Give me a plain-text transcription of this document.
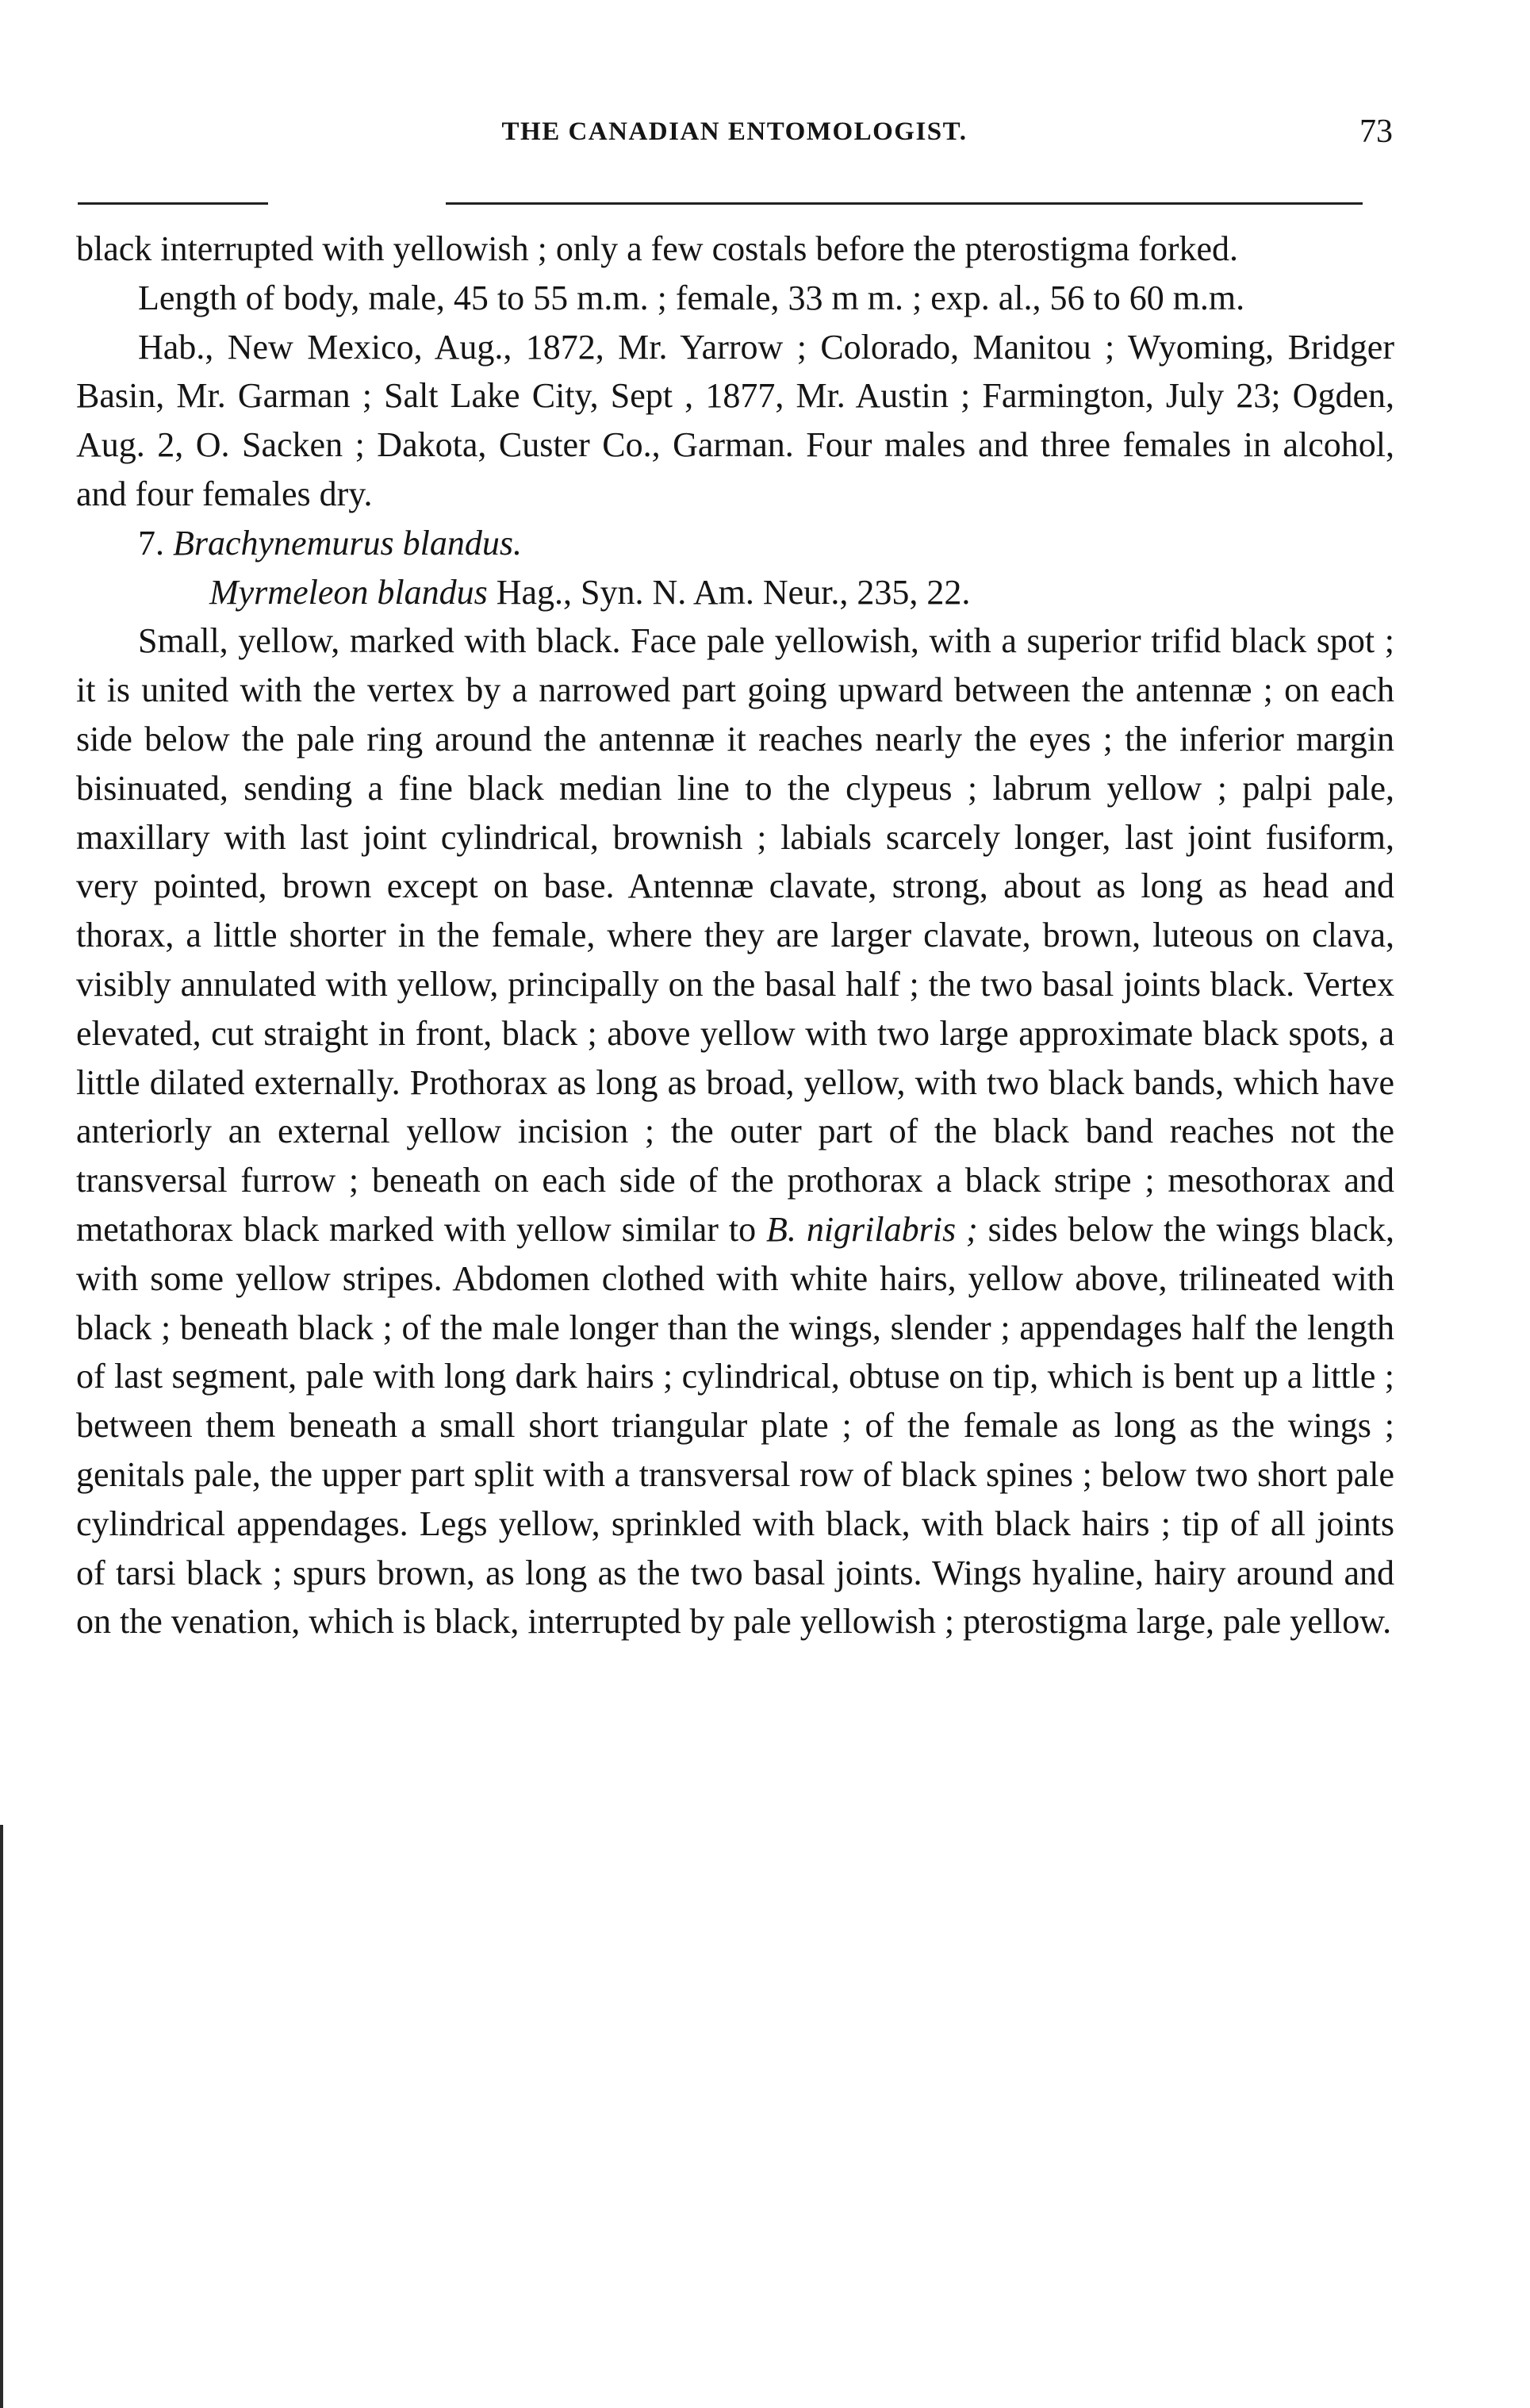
THE CANADIAN ENTOMOLOGIST.	73

black interrupted with yellowish ; only a few costals before the pterostigma forked.

Length of body, male, 45 to 55 m.m. ; female, 33 m m. ; exp. al., 56 to 60 m.m.

Hab., New Mexico, Aug., 1872, Mr. Yarrow ; Colorado, Manitou ; Wyoming, Bridger Basin, Mr. Garman ; Salt Lake City, Sept , 1877, Mr. Austin ; Farmington, July 23; Ogden, Aug. 2, O. Sacken ; Dakota, Custer Co., Garman. Four males and three females in alcohol, and four females dry.

7. Brachynemurus blandus.

Myrmeleon blandus Hag., Syn. N. Am. Neur., 235, 22.

Small, yellow, marked with black. Face pale yellowish, with a superior trifid black spot ; it is united with the vertex by a narrowed part going upward between the antennæ ; on each side below the pale ring around the antennæ it reaches nearly the eyes ; the inferior margin bisinuated, sending a fine black median line to the clypeus ; labrum yellow ; palpi pale, maxillary with last joint cylindrical, brownish ; labials scarcely longer, last joint fusiform, very pointed, brown except on base. Antennæ clavate, strong, about as long as head and thorax, a little shorter in the female, where they are larger clavate, brown, luteous on clava, visibly annulated with yellow, principally on the basal half ; the two basal joints black. Vertex elevated, cut straight in front, black ; above yellow with two large approximate black spots, a little dilated externally. Prothorax as long as broad, yellow, with two black bands, which have anteriorly an external yellow incision ; the outer part of the black band reaches not the transversal furrow ; beneath on each side of the prothorax a black stripe ; mesothorax and metathorax black marked with yellow similar to B. nigrilabris ; sides below the wings black, with some yellow stripes. Abdomen clothed with white hairs, yellow above, trilineated with black ; beneath black ; of the male longer than the wings, slender ; appendages half the length of last segment, pale with long dark hairs ; cylindrical, obtuse on tip, which is bent up a little ; between them beneath a small short triangular plate ; of the female as long as the wings ; genitals pale, the upper part split with a transversal row of black spines ; below two short pale cylindrical appendages. Legs yellow, sprinkled with black, with black hairs ; tip of all joints of tarsi black ; spurs brown, as long as the two basal joints. Wings hyaline, hairy around and on the venation, which is black, interrupted by pale yellowish ; pterostigma large, pale yellow.
